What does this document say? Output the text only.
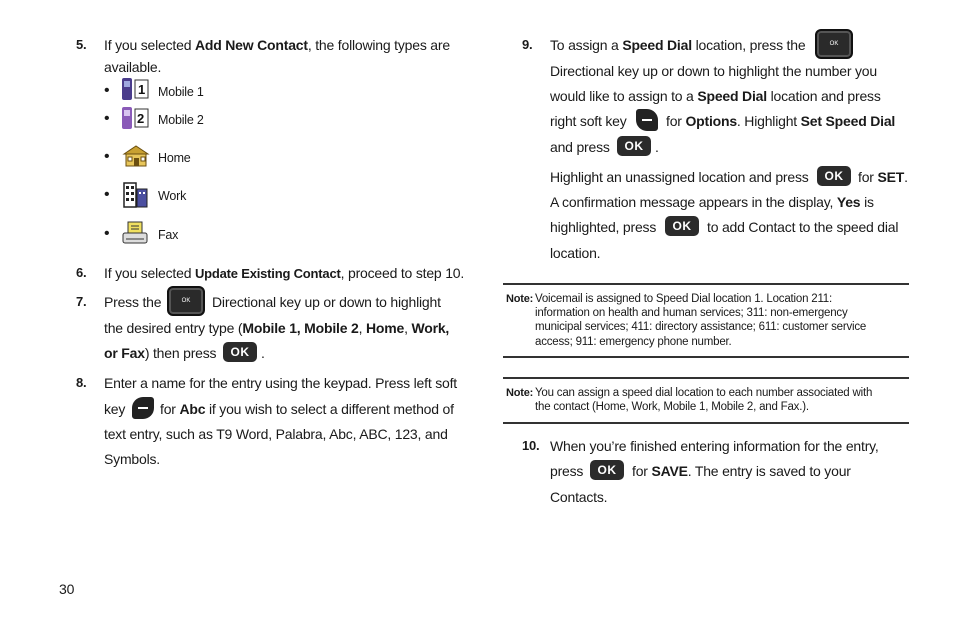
5. If you selected Add New Contact, the following types are
available.
• 1 Mobile 1
• 2 Mobile 2
•	Home
•	Work
•	Fax
6. If you selected Update Existing Contact, proceed to step 10.
7. Press the	OK	Directional key up or down to highlight
the desired entry type (Mobile 1, Mobile 2, Home, Work,
or Fax) then press	OK .
8. Enter a name for the entry using the keypad. Press left soft
key for Abc if you wish to select a different method of
text entry, such as T9 Word, Palabra, Abc, ABC, 123, and
Symbols.
30
9. To assign a Speed Dial location, press the	OK
Directional key up or down to highlight the number you
would like to assign to a Speed Dial location and press
right soft key	for Options. Highlight Set Speed Dial
and press	OK .
Highlight an unassigned location and press	OK	for SET.
A confirmation message appears in the display, Yes is
highlighted, press	OK	to add Contact to the speed dial
location.
Note: Voicemail is assigned to Speed Dial location 1. Location 211:
information on health and human services; 311: non-emergency
municipal services; 411: directory assistance; 611: customer service
access; 911: emergency phone number.
Note: You can assign a speed dial location to each number associated with
the contact (Home, Work, Mobile 1, Mobile 2, and Fax.).
10. When you’re finished entering information for the entry,
press	OK	for SAVE. The entry is saved to your
Contacts.
